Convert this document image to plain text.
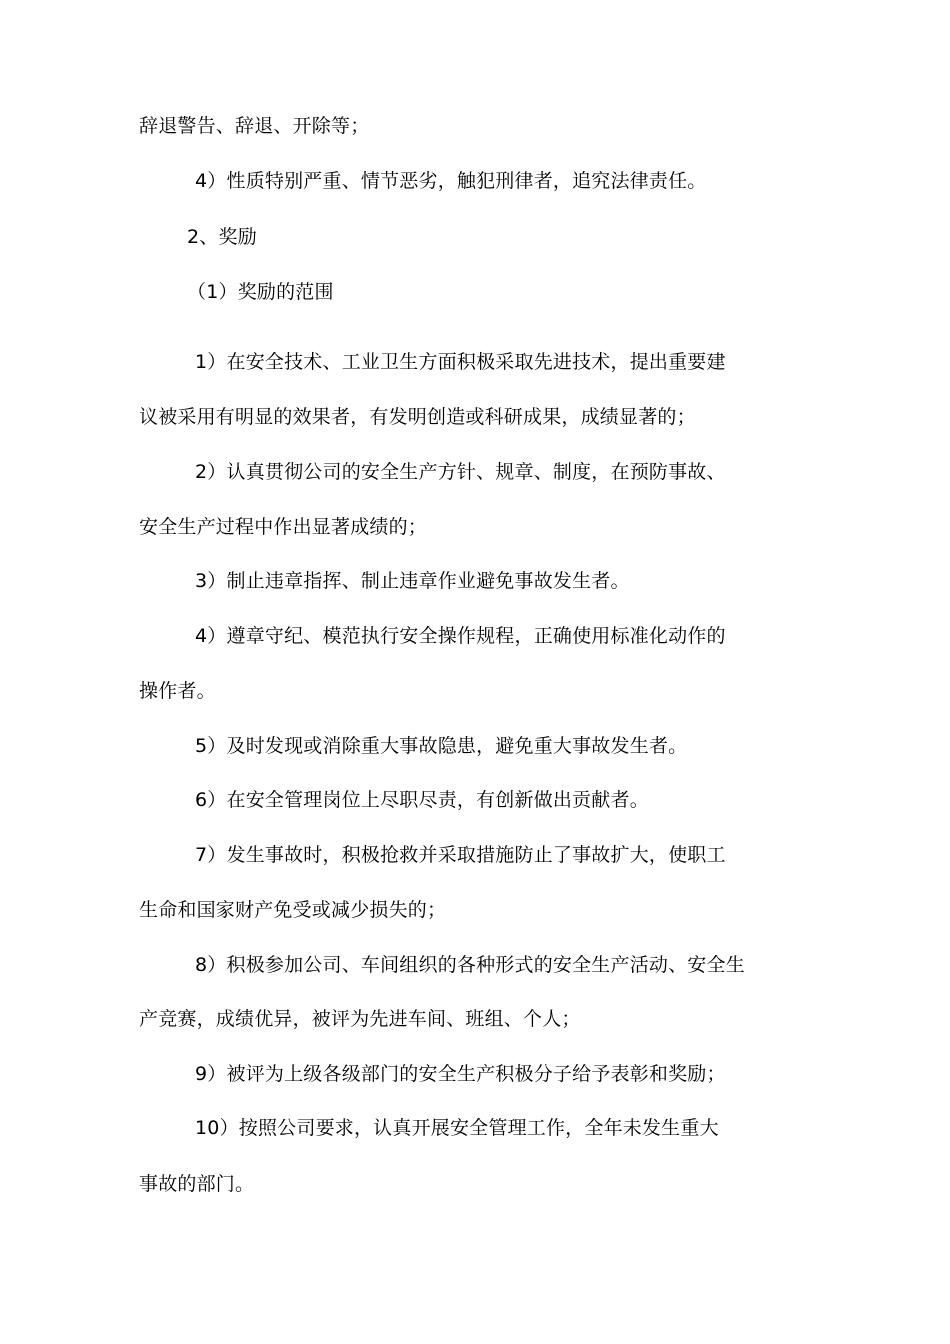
辞退警告、辞退、开除等；
4）性质特别严重、情节恶劣，触犯刑律者，追究法律责任。
2、奖励
（1）奖励的范围
1）在安全技术、工业卫生方面积极采取先进技术，提出重要建
议被采用有明显的效果者，有发明创造或科研成果，成绩显著的；
2）认真贯彻公司的安全生产方针、规章、制度，在预防事故、
安全生产过程中作出显著成绩的；
3）制止违章指挥、制止违章作业避免事故发生者。
4）遵章守纪、模范执行安全操作规程，正确使用标准化动作的
操作者。
5）及时发现或消除重大事故隐患，避免重大事故发生者。
6）在安全管理岗位上尽职尽责，有创新做出贡献者。
7）发生事故时，积极抢救并采取措施防止了事故扩大，使职工
生命和国家财产免受或减少损失的；
8）积极参加公司、车间组织的各种形式的安全生产活动、安全生
产竞赛，成绩优异，被评为先进车间、班组、个人；
9）被评为上级各级部门的安全生产积极分子给予表彰和奖励；
10）按照公司要求，认真开展安全管理工作，全年未发生重大
事故的部门。
